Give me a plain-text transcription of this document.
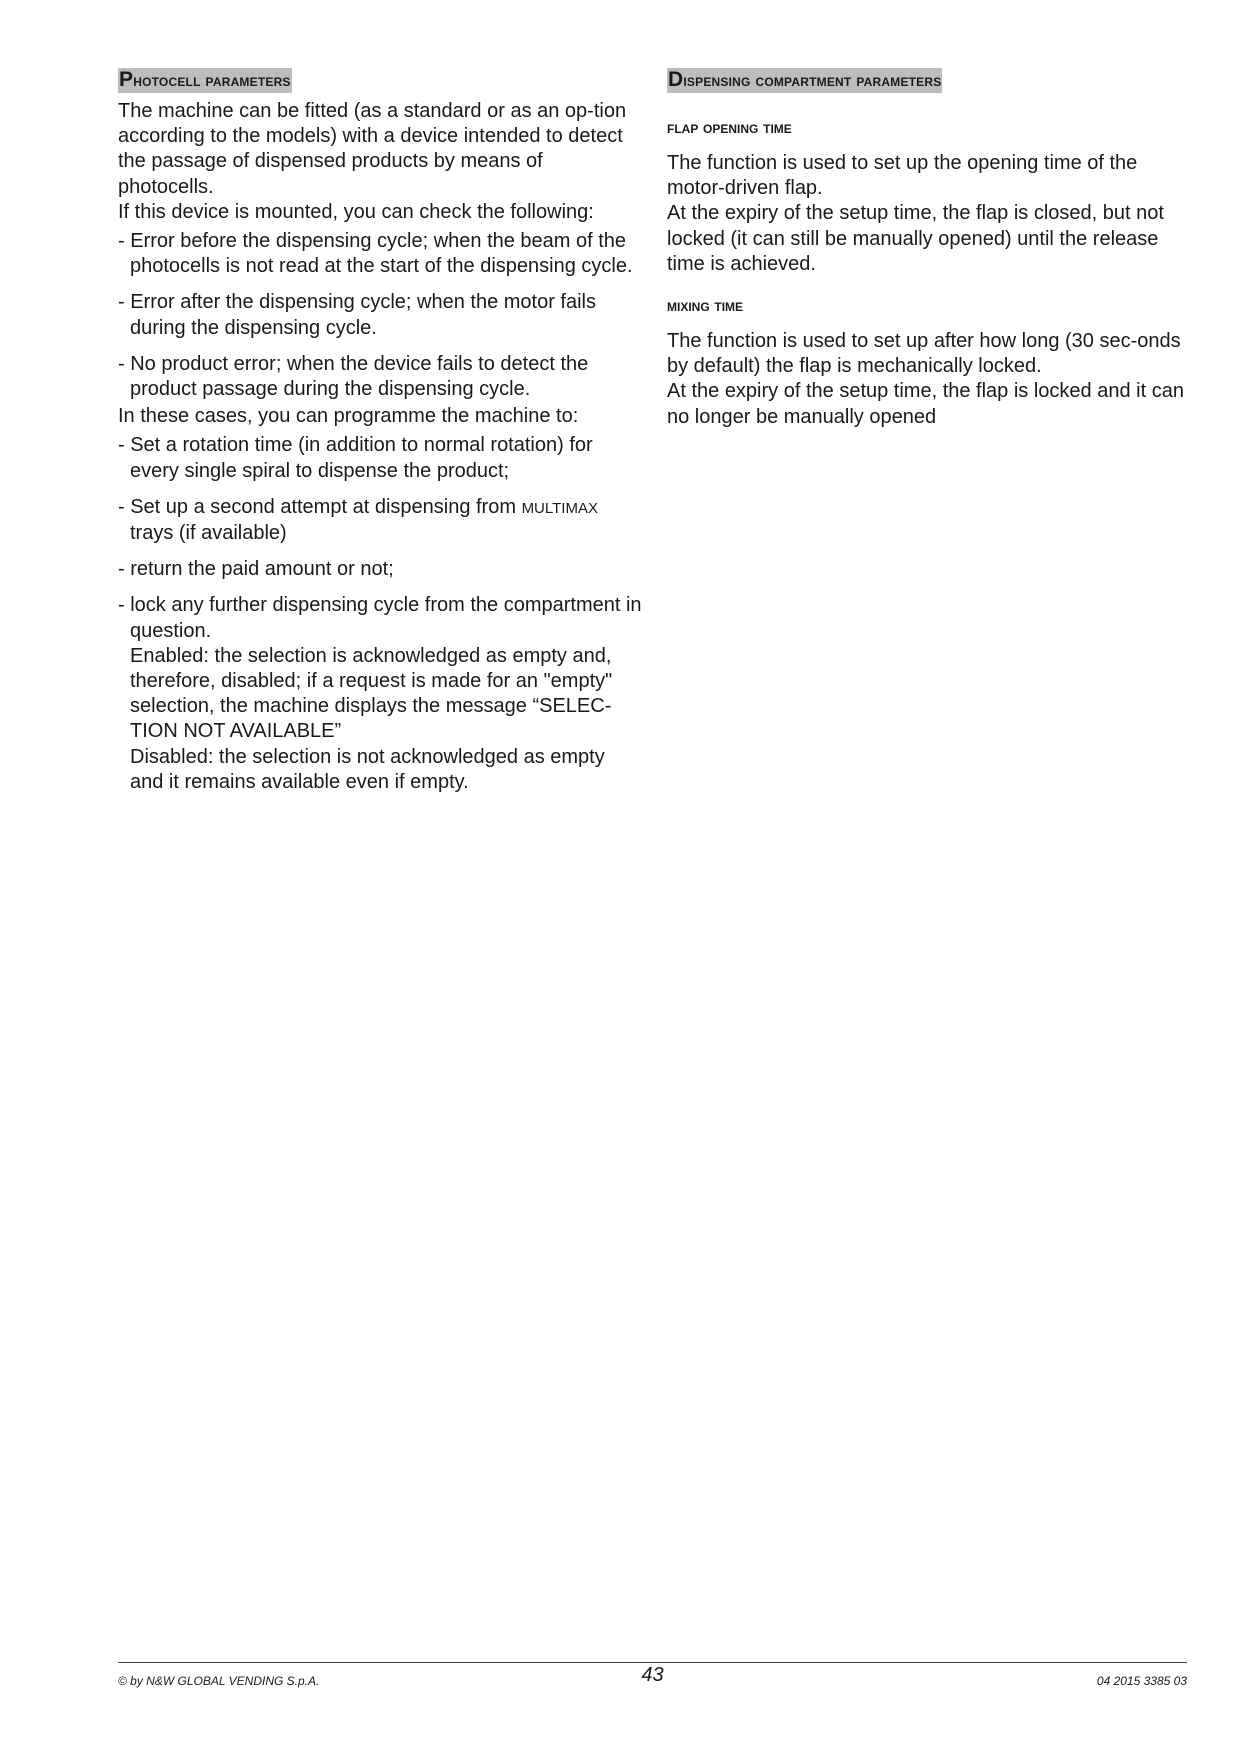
Photocell parameters

The machine can be fitted (as a standard or as an op-tion according to the models) with a device intended to detect the passage of dispensed products by means of photocells.

If this device is mounted, you can check the following:

- Error before the dispensing cycle; when the beam of the photocells is not read at the start of the dispensing cycle.
- Error after the dispensing cycle; when the motor fails during the dispensing cycle.
- No product error; when the device fails to detect the product passage during the dispensing cycle.

In these cases, you can programme the machine to:

- Set a rotation time (in addition to normal rotation) for every single spiral to dispense the product;
- Set up a second attempt at dispensing from MULTIMAX trays (if available)
- return the paid amount or not;
- lock any further dispensing cycle from the compartment in question.
Enabled: the selection is acknowledged as empty and, therefore, disabled; if a request is made for an "empty" selection, the machine displays the message “SELEC-TION NOT AVAILABLE”
Disabled: the selection is not acknowledged as empty and it remains available even if empty.
Dispensing compartment parameters
flap opening time

The function is used to set up the opening time of the motor-driven flap.

At the expiry of the setup time, the flap is closed, but not locked (it can still be manually opened) until the release time is achieved.

mixing time

The function is used to set up after how long (30 sec-onds by default) the flap is mechanically locked.

At the expiry of the setup time, the flap is locked and it can no longer be manually opened

© by N&W GLOBAL VENDING S.p.A.	43	04 2015 3385 03
